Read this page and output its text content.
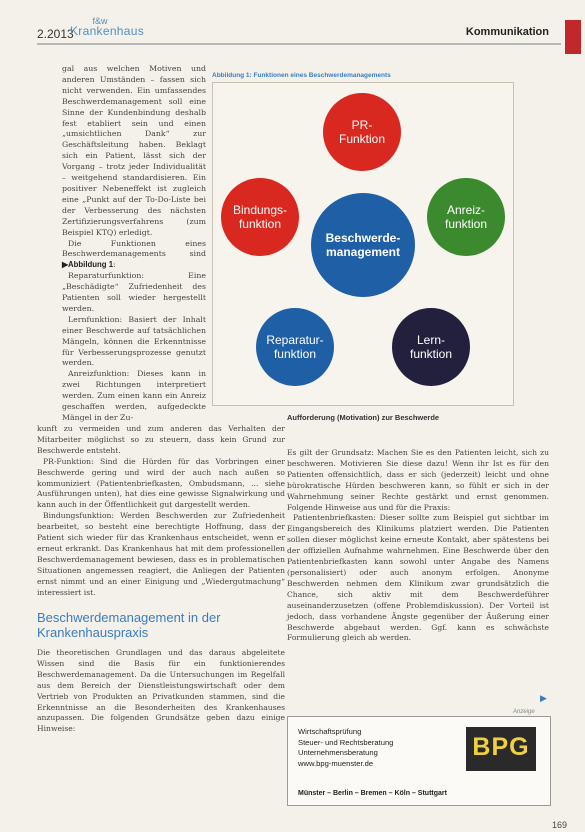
2.2013
f&w
Krankenhaus	Kommunikation

gal aus welchen Motiven und anderen Umständen – fassen sich nicht verwenden. Ein umfassendes Beschwerdemanagement soll eine Sinne der Kundenbindung deshalb fest etabliert sein und einen „umsichtlichen Dank“ zur Geschäftsleitung haben. Beklagt sich ein Patient, lässt sich der Vorgang – trotz jeder Individualität – weitgehend standardisieren. Ein positiver Nebeneffekt ist zugleich eine „Punkt auf der To-Do-Liste bei der Verbesserung des nächsten Zertifizierungsverfahrens (zum Beispiel KTQ) erledigt.

Die Funktionen eines Beschwerdemanagements sind ▶Abbildung 1:

Reparaturfunktion: Eine „Beschädigte“ Zufriedenheit des Patienten soll wieder hergestellt werden.

Lernfunktion: Basiert der Inhalt einer Beschwerde auf tatsächlichen Mängeln, können die Erkenntnisse für Verbesserungsprozesse genutzt werden.

Anreizfunktion: Dieses kann in zwei Richtungen interpretiert werden. Zum einen kann ein Anreiz geschaffen werden, aufgedeckte Mängel in der Zu-

Abbildung 1: Funktionen eines Beschwerdemanagements
PR-
Funktion
Bindungs-
funktion
Anreiz-
funktion
Beschwerde-
management
Reparatur-
funktion
Lern-
funktion
Aufforderung (Motivation) zur Beschwerde

kunft zu vermeiden und zum anderen das Verhalten der Mitarbeiter möglichst so zu steuern, dass kein Grund zur Beschwerde entsteht.

PR-Funktion: Sind die Hürden für das Vorbringen einer Beschwerde gering und wird der auch nach außen so kommuniziert (Patientenbriefkasten, Ombudsmann, ... siehe Ausführungen unten), hat dies eine gewisse Signalwirkung und kann auch in der Öffentlichkeit gut dargestellt werden.

Bindungsfunktion: Werden Beschwerden zur Zufriedenheit bearbeitet, so besteht eine berechtigte Hoffnung, dass der Patient sich wieder für das Krankenhaus entscheidet, wenn er erneut erkrankt. Das Krankenhaus hat mit dem professionellen Beschwerdemanagement bewiesen, dass es in problematischen Situationen angemessen reagiert, die Anliegen der Patienten ernst nimmt und an einer Einigung und „Wiedergutmachung“ interessiert ist.

Beschwerdemanagement in der Krankenhauspraxis

Die theoretischen Grundlagen und das daraus abgeleitete Wissen sind die Basis für ein funktionierendes Beschwerdemanagement. Da die Untersuchungen im Regelfall aus dem Bereich der Dienstleistungswirtschaft oder dem Vertrieb von Produkten an Privatkunden stammen, sind die Erkenntnisse an die Besonderheiten des Krankenhauses anzupassen. Die folgenden Grundsätze geben dazu einige Hinweise:

Es gilt der Grundsatz: Machen Sie es den Patienten leicht, sich zu beschweren. Motivieren Sie diese dazu! Wenn ihr Ist es für den Patienten offensichtlich, dass er sich (jederzeit) leicht und ohne bürokratische Hürden beschweren kann, so fühlt er sich in der Wahrnehmung seiner Rechte gestärkt und ernst genommen. Folgende Hinweise aus und für die Praxis:

Patientenbriefkasten: Dieser sollte zum Beispiel gut sichtbar im Eingangsbereich des Klinikums platziert werden. Die Patienten sollen dieser möglichst keine erneute Kontakt, aber spätestens bei der offiziellen Aufnahme wahrnehmen. Eine Beschwerde über den Patientenbriefkasten kann sowohl unter Angabe des Namens (personalisiert) oder auch anonym erfolgen. Anonyme Beschwerden nehmen dem Klinikum zwar grundsätzlich die Chance, sich aktiv mit dem Beschwerdeführer auseinanderzusetzen (offene Problemdiskussion). Der Vorteil ist jedoch, dass vorhandene Ängste gegenüber der Äußerung einer Beschwerde abgebaut werden. Ggf. kann es schwächste Formulierung gleich ab werden.

▶
Anzeige
Wirtschaftsprüfung
Steuer- und Rechtsberatung
Unternehmensberatung
www.bpg-muenster.de
BPG
Münster – Berlin – Bremen – Köln – Stuttgart
169
